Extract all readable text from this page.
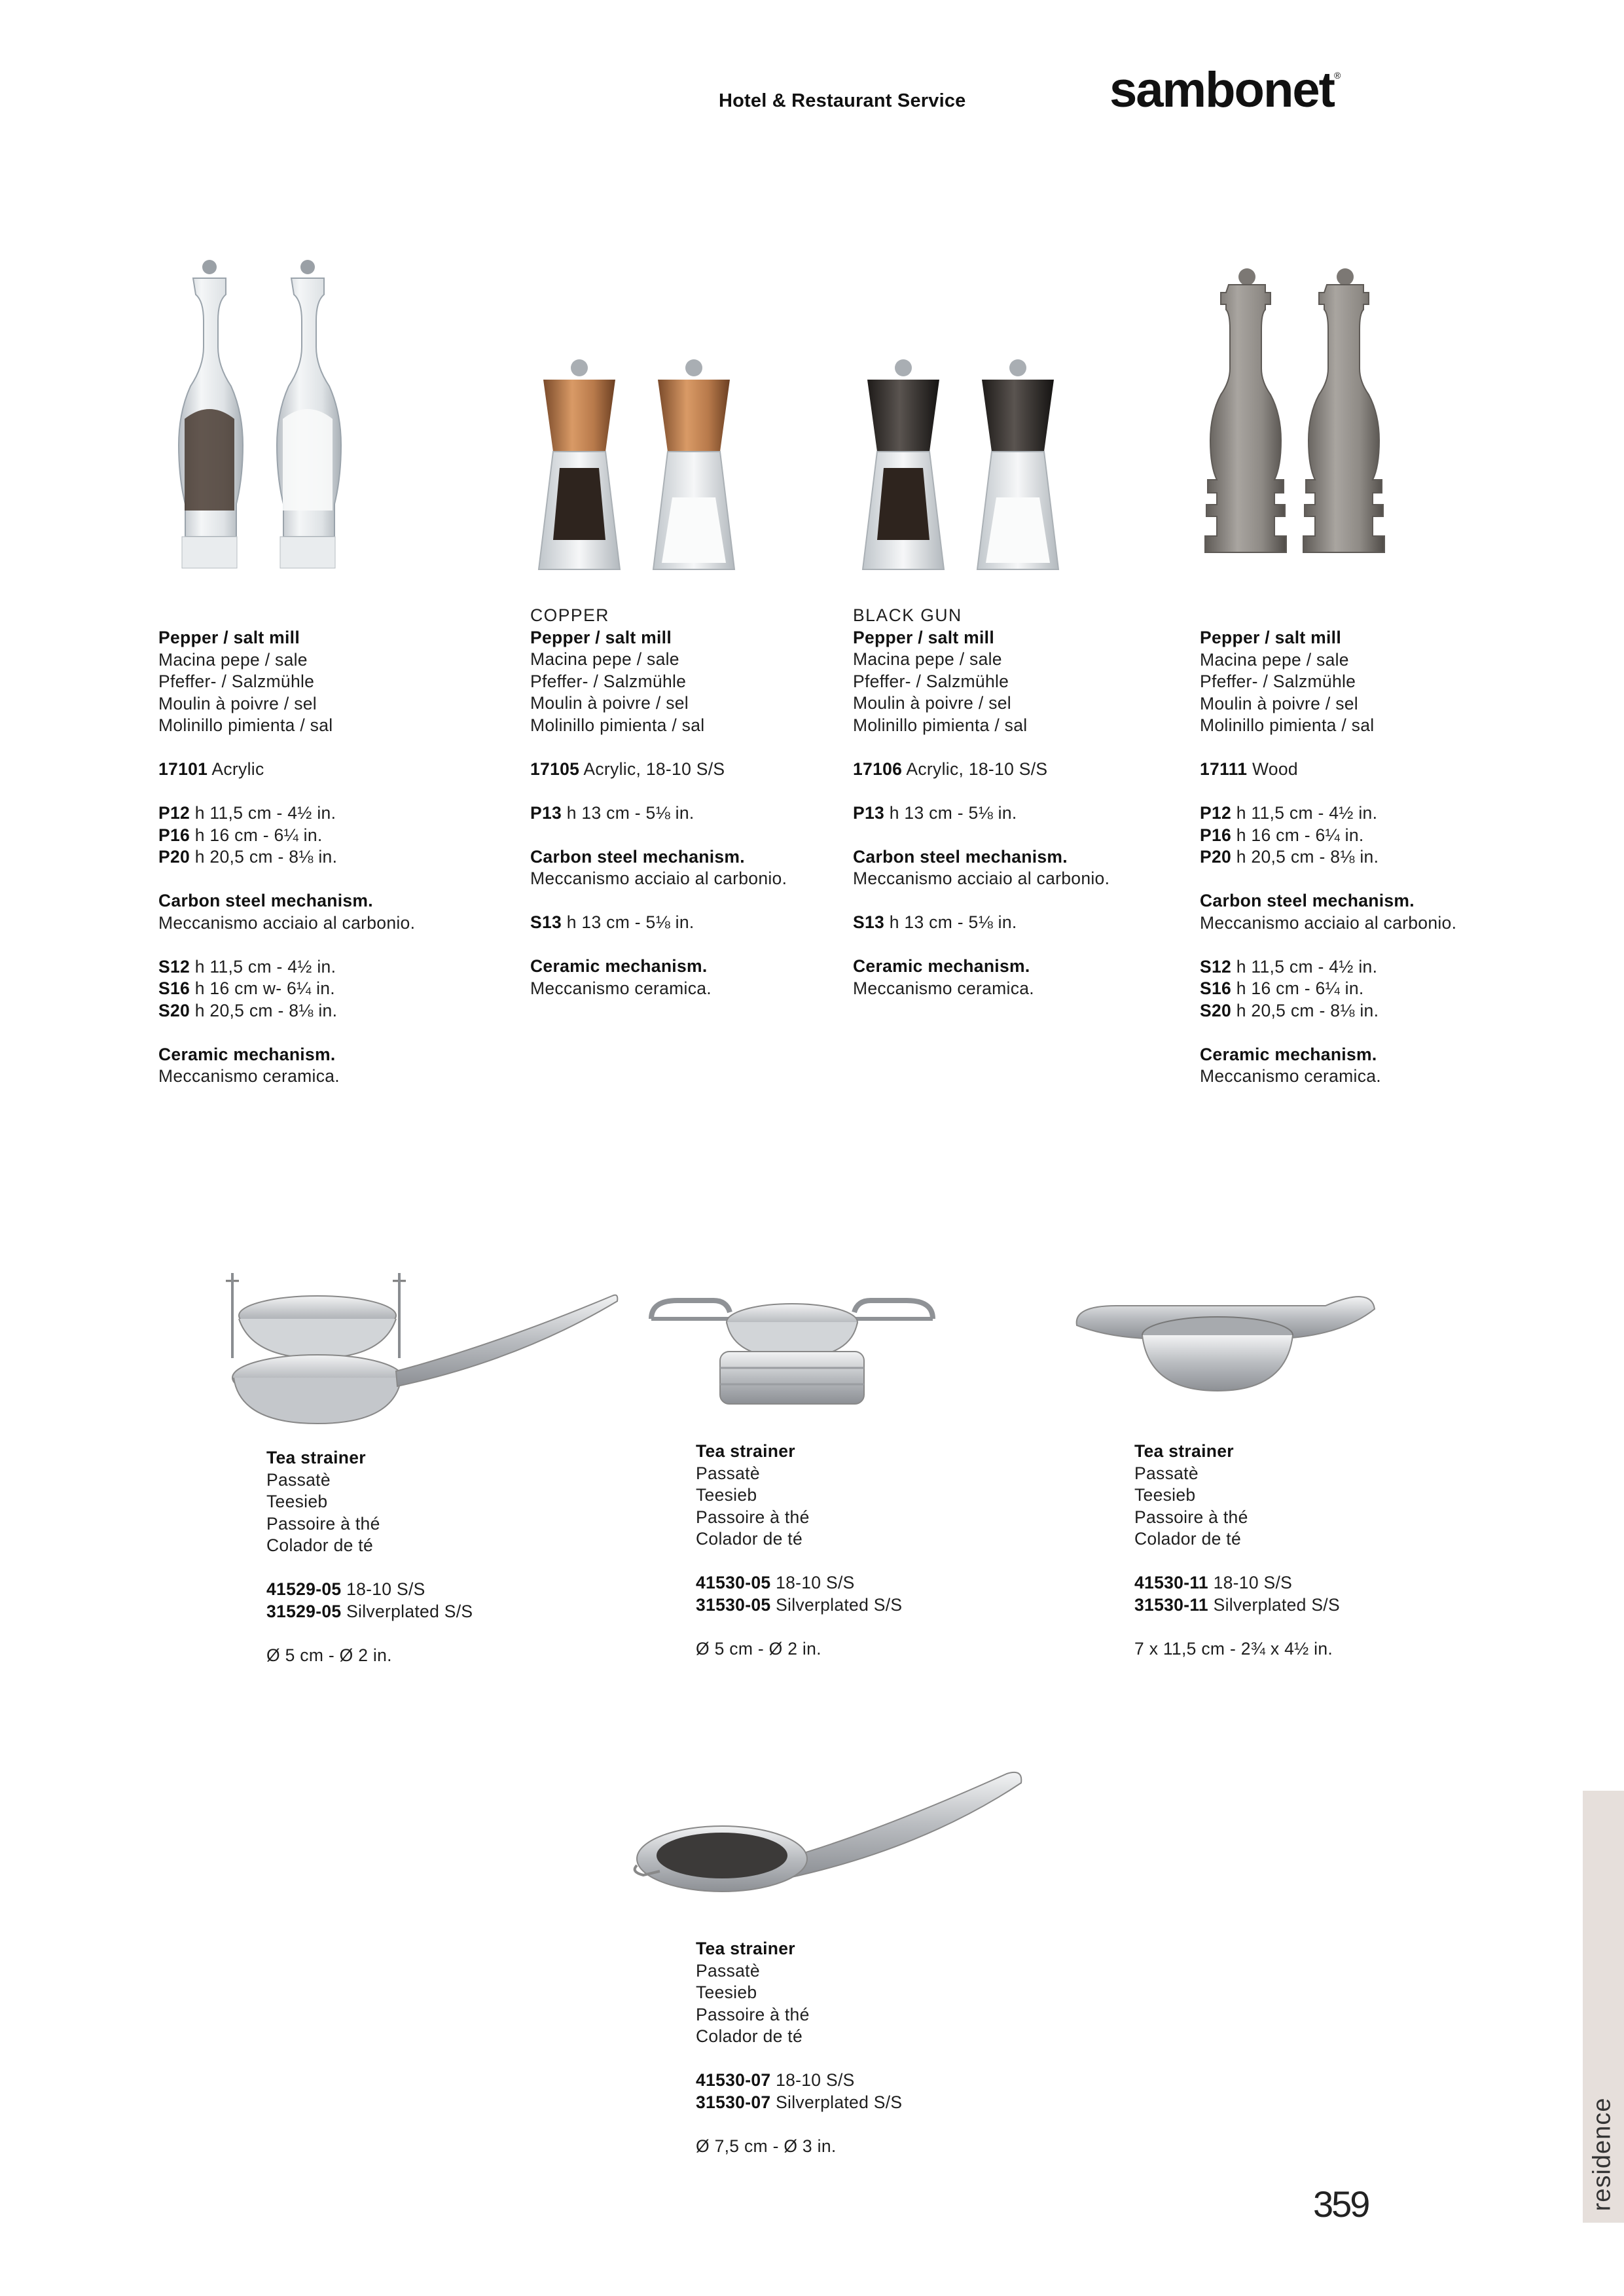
Hotel & Restaurant Service	sambonet®
Pepper / salt mill
Macina pepe / sale
Pfeffer- / Salzmühle
Moulin à poivre / sel
Molinillo pimienta / sal
17101 Acrylic
P12 h 11,5 cm - 4½ in.
P16 h 16 cm - 6¼ in.
P20 h 20,5 cm - 8⅛ in.
Carbon steel mechanism.
Meccanismo acciaio al carbonio.
S12 h 11,5 cm - 4½ in.
S16 h 16 cm w- 6¼ in.
S20 h 20,5 cm - 8⅛ in.
Ceramic mechanism.
Meccanismo ceramica.
COPPER
Pepper / salt mill
Macina pepe / sale
Pfeffer- / Salzmühle
Moulin à poivre / sel
Molinillo pimienta / sal
17105 Acrylic, 18-10 S/S
P13 h 13 cm - 5⅛ in.
Carbon steel mechanism.
Meccanismo acciaio al carbonio.
S13 h 13 cm - 5⅛ in.
Ceramic mechanism.
Meccanismo ceramica.
BLACK GUN
Pepper / salt mill
Macina pepe / sale
Pfeffer- / Salzmühle
Moulin à poivre / sel
Molinillo pimienta / sal
17106 Acrylic, 18-10 S/S
P13 h 13 cm - 5⅛ in.
Carbon steel mechanism.
Meccanismo acciaio al carbonio.
S13 h 13 cm - 5⅛ in.
Ceramic mechanism.
Meccanismo ceramica.
Pepper / salt mill
Macina pepe / sale
Pfeffer- / Salzmühle
Moulin à poivre / sel
Molinillo pimienta / sal
17111 Wood
P12 h 11,5 cm - 4½ in.
P16 h 16 cm - 6¼ in.
P20 h 20,5 cm - 8⅛ in.
Carbon steel mechanism.
Meccanismo acciaio al carbonio.
S12 h 11,5 cm - 4½ in.
S16 h 16 cm - 6¼ in.
S20 h 20,5 cm - 8⅛ in.
Ceramic mechanism.
Meccanismo ceramica.
Tea strainer
Passatè
Teesieb
Passoire à thé
Colador de té
41529-05 18-10 S/S
31529-05 Silverplated S/S
Ø 5 cm - Ø 2 in.
Tea strainer
Passatè
Teesieb
Passoire à thé
Colador de té
41530-05 18-10 S/S
31530-05 Silverplated S/S
Ø 5 cm - Ø 2 in.
Tea strainer
Passatè
Teesieb
Passoire à thé
Colador de té
41530-11 18-10 S/S
31530-11 Silverplated S/S
7 x 11,5 cm - 2¾ x 4½ in.
Tea strainer
Passatè
Teesieb
Passoire à thé
Colador de té
41530-07 18-10 S/S
31530-07 Silverplated S/S
Ø 7,5 cm - Ø 3 in.	residence
359
